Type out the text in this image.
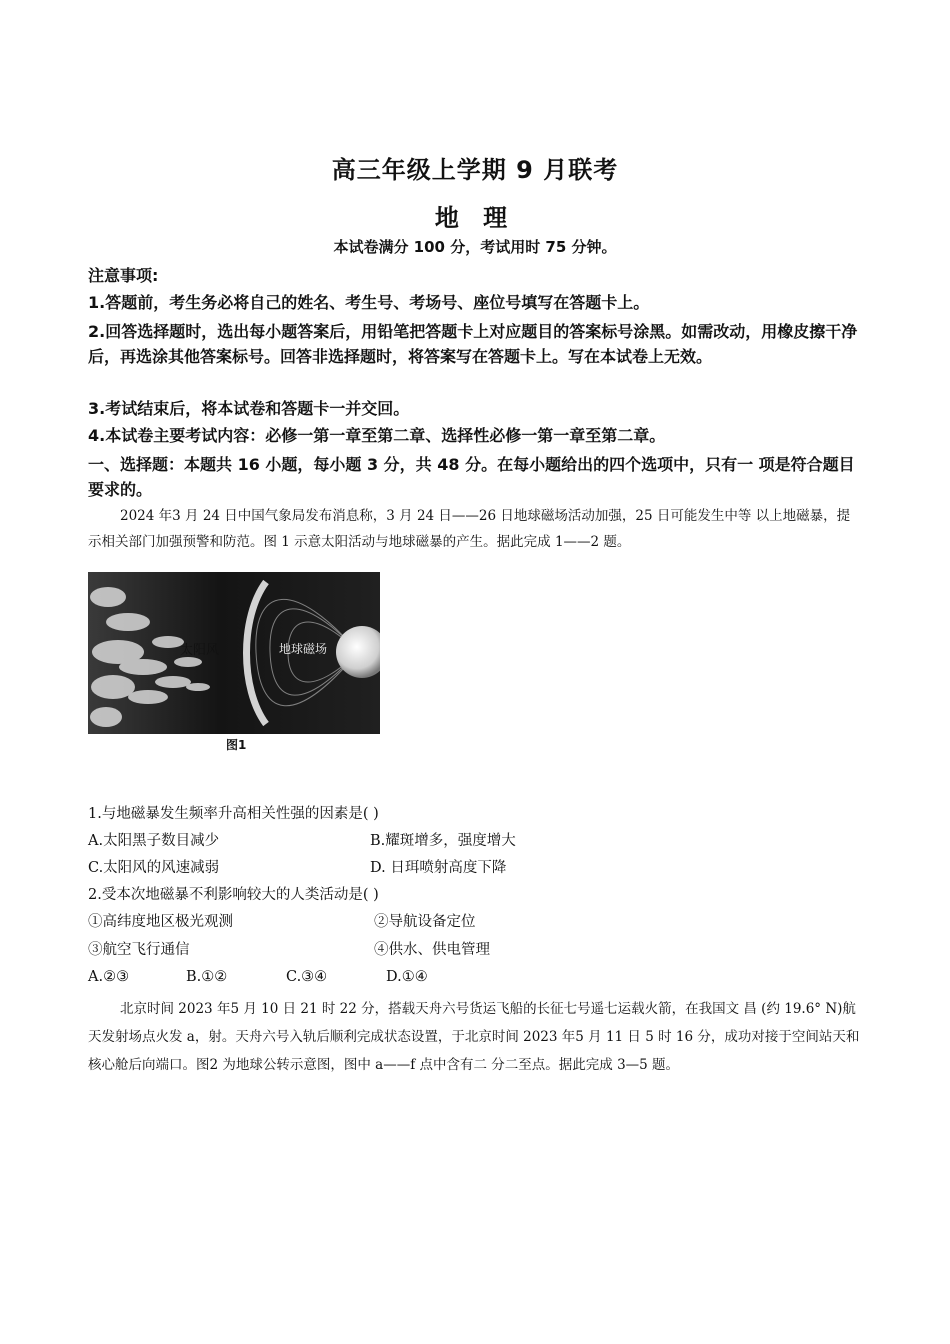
高三年级上学期 9 月联考
地 理
本试卷满分 100 分，考试用时 75 分钟。
注意事项:
1.答题前，考生务必将自己的姓名、考生号、考场号、座位号填写在答题卡上。
2.回答选择题时，选出每小题答案后，用铅笔把答题卡上对应题目的答案标号涂黑。如需改动，用橡皮擦干净后，再选涂其他答案标号。回答非选择题时，将答案写在答题卡上。写在本试卷上无效。
3.考试结束后，将本试卷和答题卡一并交回。
4.本试卷主要考试内容：必修一第一章至第二章、选择性必修一第一章至第二章。
一、选择题：本题共 16 小题，每小题 3 分，共 48 分。在每小题给出的四个选项中，只有一 项是符合题目要求的。
2024 年3 月 24 日中国气象局发布消息称，3 月 24 日——26 日地球磁场活动加强，25 日可能发生中等 以上地磁暴，提示相关部门加强预警和防范。图 1 示意太阳活动与地球磁暴的产生。据此完成 1——2 题。
太阳风	地球磁场
图1
1.与地磁暴发生频率升高相关性强的因素是( )
A.太阳黑子数目减少	B.耀斑增多，强度增大
C.太阳风的风速减弱	D. 日珥喷射高度下降
2.受本次地磁暴不利影响较大的人类活动是( )
①高纬度地区极光观测	②导航设备定位
③航空飞行通信	④供水、供电管理
A.②③	B.①②	C.③④	D.①④
北京时间 2023 年5 月 10 日 21 时 22 分，搭载天舟六号货运飞船的长征七号遥七运载火箭，在我国文 昌 (约 19.6° N)航天发射场点火发 a，射。天舟六号入轨后顺利完成状态设置，于北京时间 2023 年5 月 11 日 5 时 16 分，成功对接于空间站天和核心舱后向端口。图2 为地球公转示意图，图中 a——f 点中含有二 分二至点。据此完成 3—5 题。
